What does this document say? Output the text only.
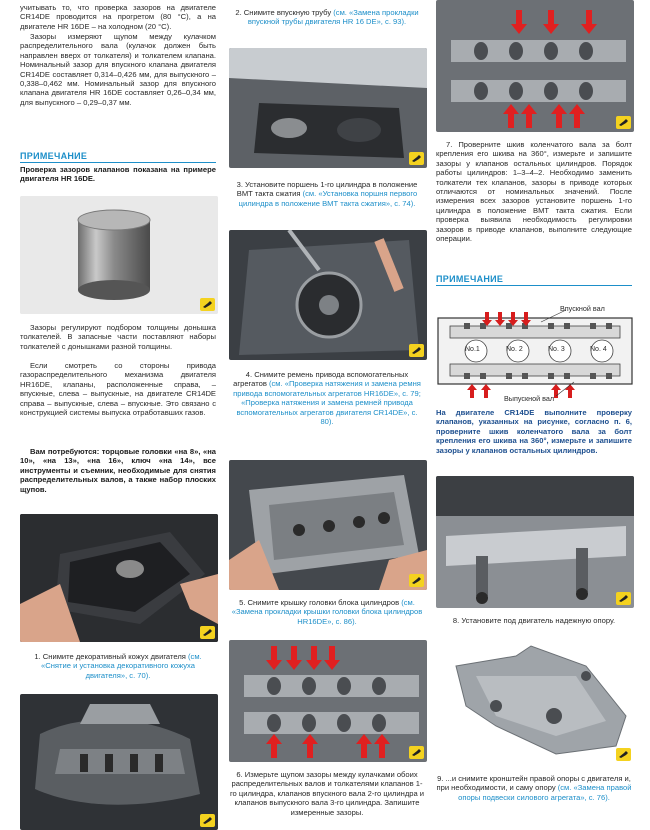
учитывать то, что проверка зазоров на двигателе CR14DE проводится на прогретом (80 °С), а на двигателе HR 16DE – на холодном (20 °С).

Зазоры измеряют щупом между кулачком распределительного вала (кулачок должен быть направлен вверх от толкателя) и толкателем клапана. Номинальный зазор для впускного клапана двигателя CR14DE составляет 0,314–0,426 мм, для выпускного – 0,338–0,462 мм. Номинальный зазор для впускного клапана двигателя HR 16DE составляет 0,26–0,34 мм, для выпускного – 0,29–0,37 мм.

ПРИМЕЧАНИЕ

Проверка зазоров клапанов показана на примере двигателя HR 16DE.

Зазоры регулируют подбором толщины донышка толкателей. В запасные части поставляют наборы толкателей с донышками разной толщины.

Если смотреть со стороны привода газораспределительного механизма двигателя HR16DE, клапаны, расположенные справа, – впускные, слева – выпускные, на двигателе CR14DE справа – выпускные, слева – впускные. Это связано с конструкцией системы выпуска отработавших газов.

Вам потребуются: торцовые головки «на 8», «на 10», «на 13», «на 16», ключ «на 14», все инструменты и съемник, необходимые для снятия распределительных валов, а также набор плоских щупов.

1. Снимите декоративный кожух двигателя (см. «Снятие и установка декоративного кожуха двигателя», с. 70).

2. Снимите впускную трубу (см. «Замена прокладки впускной трубы двигателя HR 16 DE», с. 93).

3. Установите поршень 1-го цилиндра в положение ВМТ такта сжатия (см. «Установка поршня первого цилиндра в положение ВМТ такта сжатия», с. 74).

4. Снимите ремень привода вспомогательных агрегатов (см. «Проверка натяжения и замена ремня привода вспомогательных агрегатов HR16DE», с. 79; «Проверка натяжения и замена ремней привода вспомогательных агрегатов двигателя CR14DE», с. 80).

5. Снимите крышку головки блока цилиндров (см. «Замена прокладки крышки головки блока цилиндров HR16DE», с. 86).

6. Измерьте щупом зазоры между кулачками обоих распределительных валов и толкателями клапанов 1-го цилиндра, клапанов впускного вала 2-го цилиндра и клапанов выпускного вала 3-го цилиндра. Запишите измеренные зазоры.

7. Проверните шкив коленчатого вала за болт крепления его шкива на 360°, измерьте и запишите зазоры у клапанов остальных цилиндров. Порядок работы цилиндров: 1–3–4–2. Необходимо заменить толкатели тех клапанов, зазоры в приводе которых отличаются от номинальных значений. После измерения всех зазоров установите поршень 1-го цилиндра в положение ВМТ такта сжатия. Если проверка выявила необходимость регулировки зазоров в приводе клапанов, выполните следующие операции.

ПРИМЕЧАНИЕ
Впускной вал
Выпускной вал
No.1	No. 2	No. 3	No. 4

На двигателе CR14DE выполните проверку клапанов, указанных на рисунке, согласно п. 6, проверните шкив коленчатого вала за болт крепления его шкива на 360°, измерьте и запишите зазоры у клапанов остальных цилиндров.

8. Установите под двигатель надежную опору.

9. ...и снимите кронштейн правой опоры с двигателя и, при необходимости, и саму опору (см. «Замена правой опоры подвески силового агрегата», с. 76).
